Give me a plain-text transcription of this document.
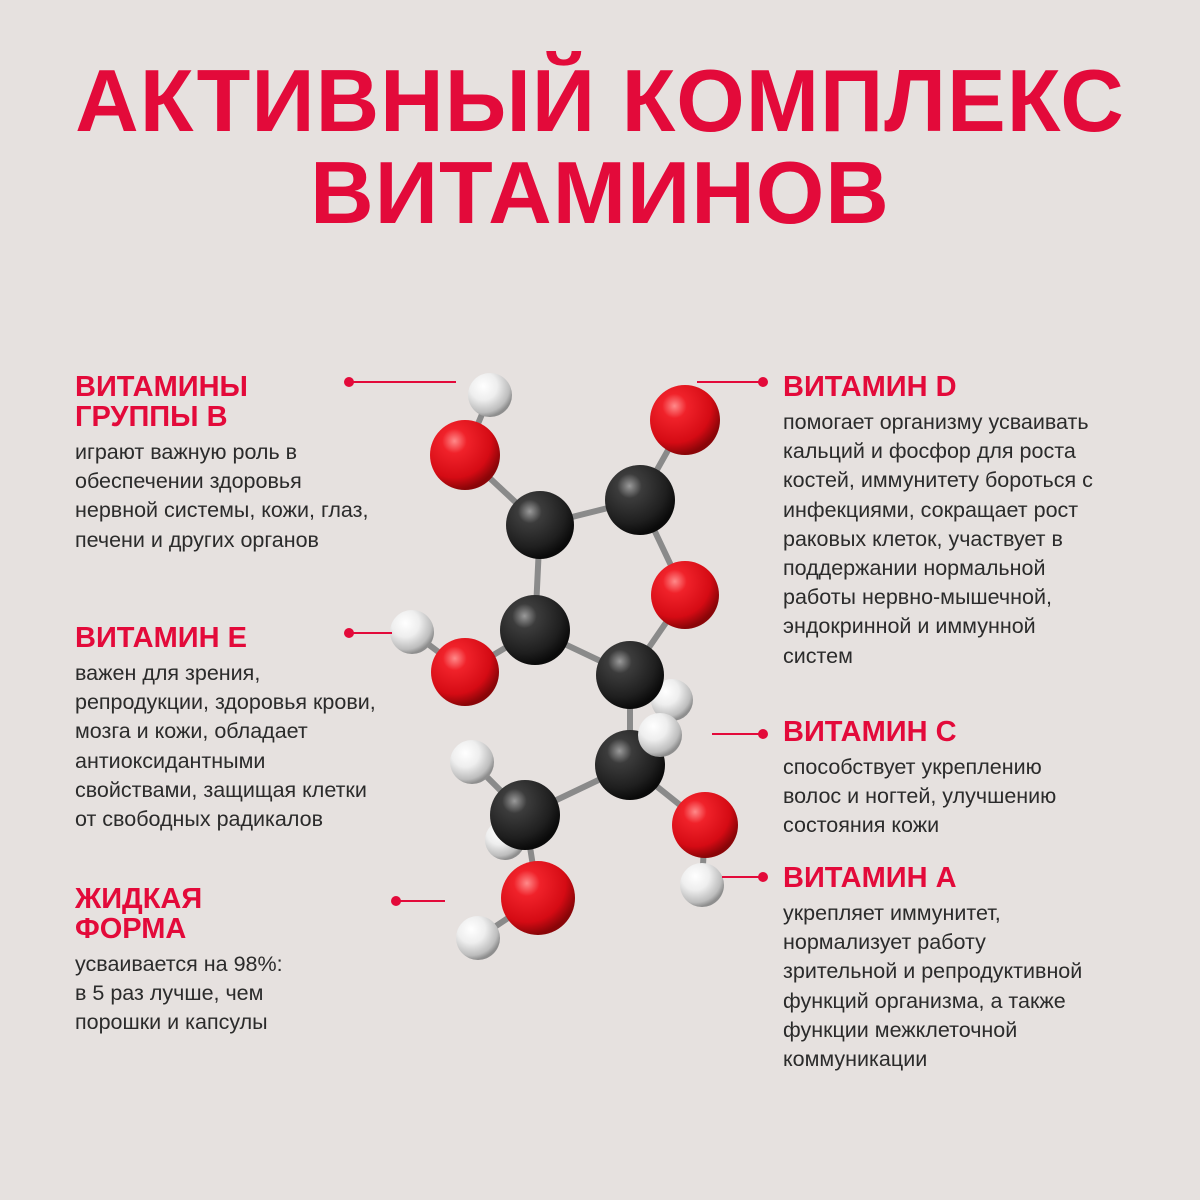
АКТИВНЫЙ КОМПЛЕКС
ВИТАМИНОВ
ВИТАМИНЫ
ГРУППЫ В
играют важную роль в
обеспечении здоровья
нервной системы, кожи, глаз,
печени и других органов
ВИТАМИН Е
важен для зрения,
репродукции, здоровья крови,
мозга и кожи, обладает
антиоксидантными
свойствами, защищая клетки
от свободных радикалов
ЖИДКАЯ
ФОРМА
усваивается на 98%:
в 5 раз лучше, чем
порошки и капсулы
ВИТАМИН D
помогает организму усваивать
кальций и фосфор для роста
костей, иммунитету бороться с
инфекциями, сокращает рост
раковых клеток, участвует в
поддержании нормальной
работы нервно-мышечной,
эндокринной и иммунной
систем
ВИТАМИН С
способствует укреплению
волос и ногтей, улучшению
состояния кожи
ВИТАМИН А
укрепляет иммунитет,
нормализует работу
зрительной и репродуктивной
функций организма, а также
функции межклеточной
коммуникации
